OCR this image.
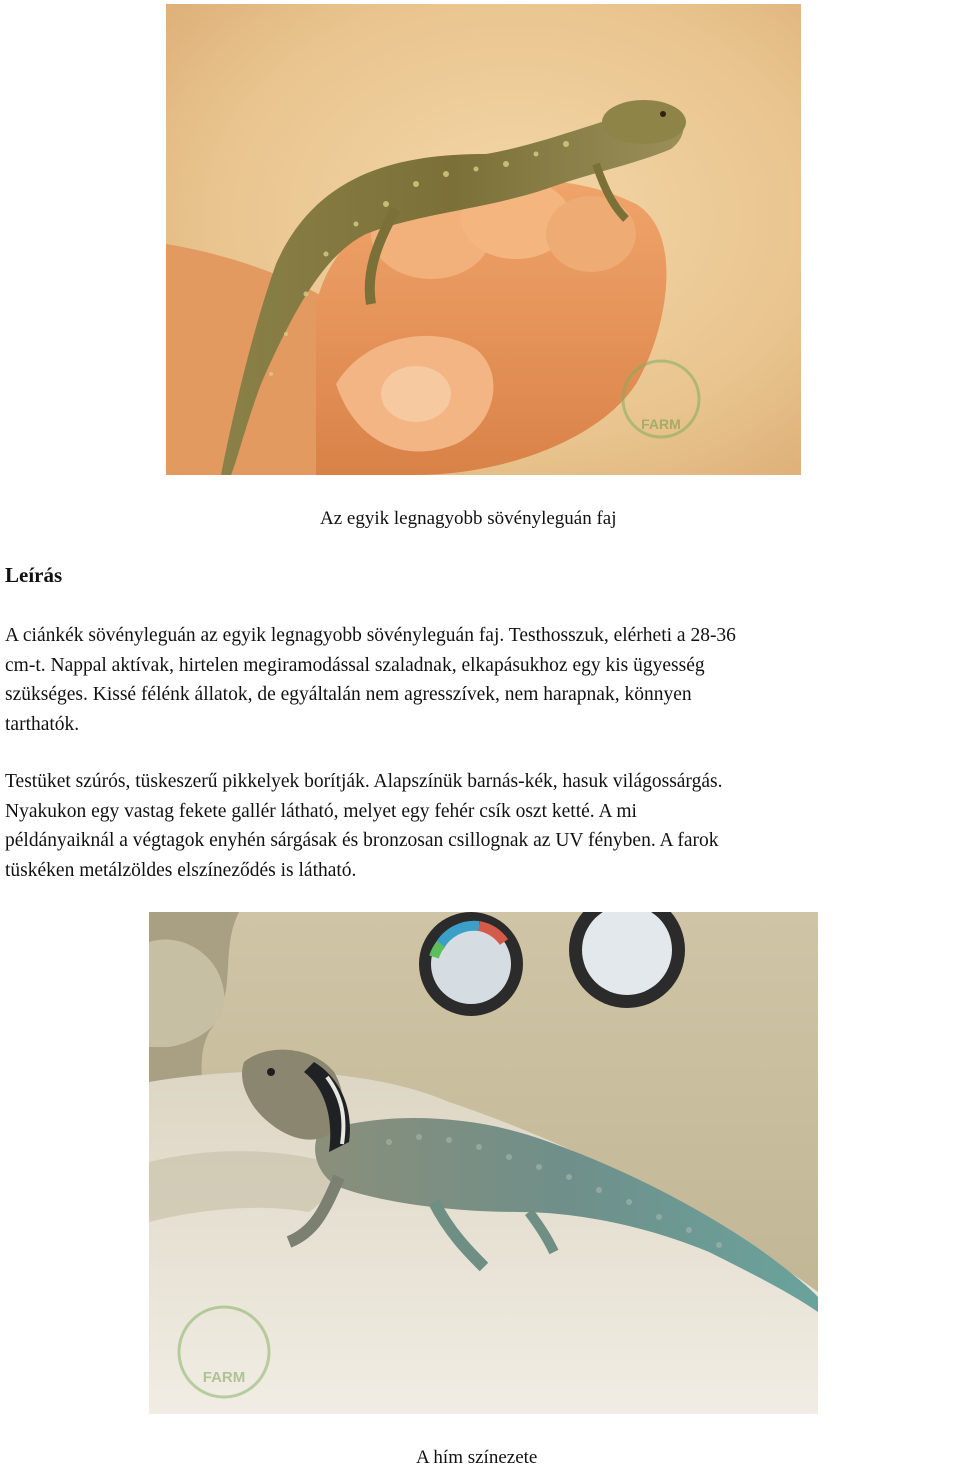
FARM
Az egyik legnagyobb sövényleguán faj
Leírás
A ciánkék sövényleguán az egyik legnagyobb sövényleguán faj. Testhosszuk, elérheti a 28-36
cm-t. Nappal aktívak, hirtelen megiramodással szaladnak, elkapásukhoz egy kis ügyesség
szükséges. Kissé félénk állatok, de egyáltalán nem agresszívek, nem harapnak, könnyen
tarthatók.
Testüket szúrós, tüskeszerű pikkelyek borítják. Alapszínük barnás-kék, hasuk világossárgás.
Nyakukon egy vastag fekete gallér látható, melyet egy fehér csík oszt ketté. A mi
példányaiknál a végtagok enyhén sárgásak és bronzosan csillognak az UV fényben. A farok
tüskéken metálzöldes elszíneződés is látható.
FARM
A hím színezete
